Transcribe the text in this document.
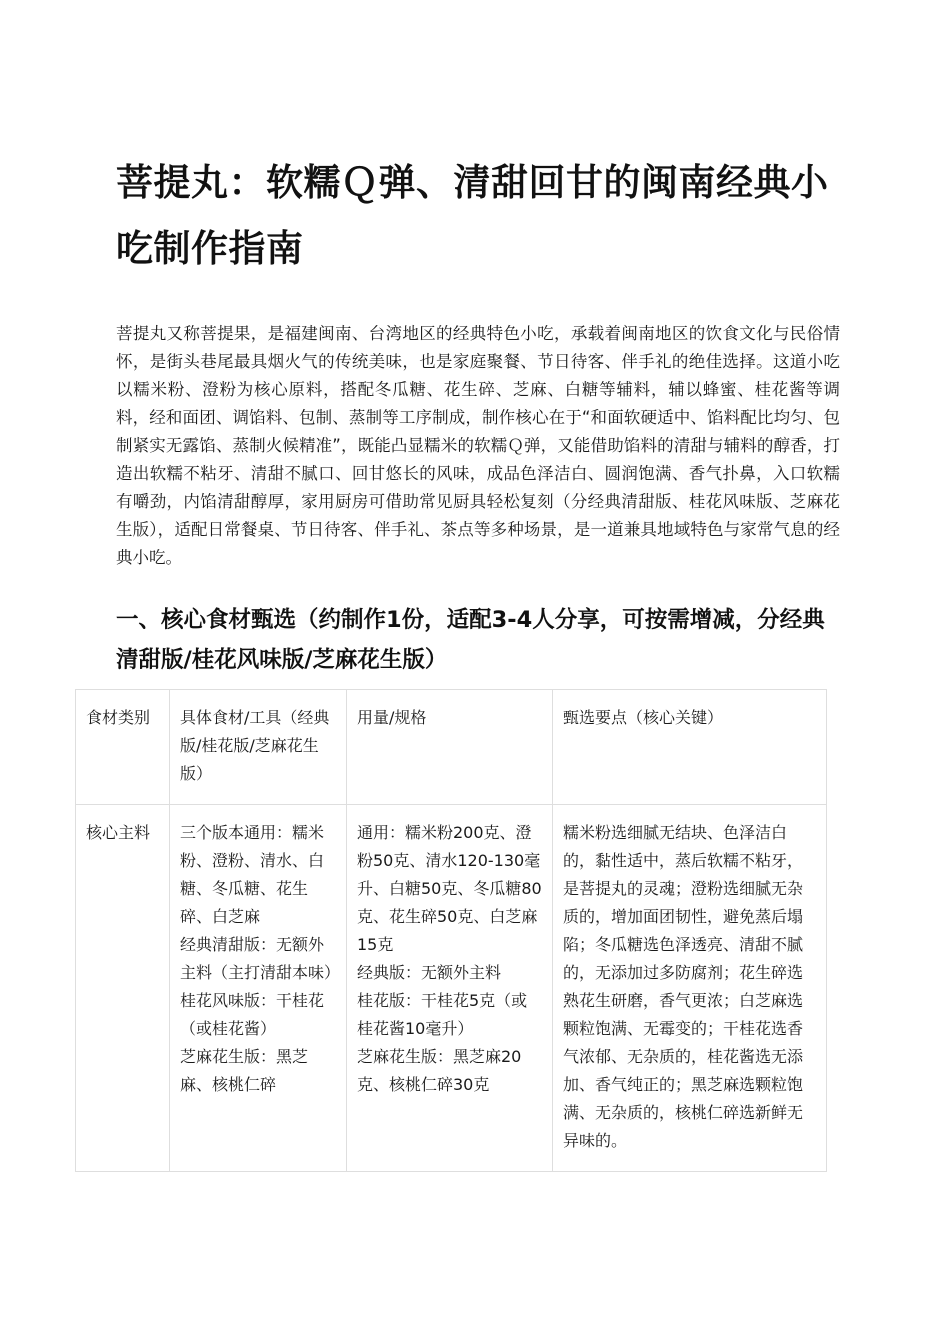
菩提丸：软糯Ｑ弹、清甜回甘的闽南经典小吃制作指南

菩提丸又称菩提果，是福建闽南、台湾地区的经典特色小吃，承载着闽南地区的饮食文化与民俗情怀，是街头巷尾最具烟火气的传统美味，也是家庭聚餐、节日待客、伴手礼的绝佳选择。这道小吃以糯米粉、澄粉为核心原料，搭配冬瓜糖、花生碎、芝麻、白糖等辅料，辅以蜂蜜、桂花酱等调料，经和面团、调馅料、包制、蒸制等工序制成，制作核心在于“和面软硬适中、馅料配比均匀、包制紧实无露馅、蒸制火候精准”，既能凸显糯米的软糯Ｑ弹，又能借助馅料的清甜与辅料的醇香，打造出软糯不粘牙、清甜不腻口、回甘悠长的风味，成品色泽洁白、圆润饱满、香气扑鼻，入口软糯有嚼劲，内馅清甜醇厚，家用厨房可借助常见厨具轻松复刻（分经典清甜版、桂花风味版、芝麻花生版），适配日常餐桌、节日待客、伴手礼、茶点等多种场景，是一道兼具地域特色与家常气息的经典小吃。

一、核心食材甄选（约制作1份，适配3-4人分享，可按需增减，分经典清甜版/桂花风味版/芝麻花生版）
食材类别	具体食材/工具（经典版/桂花版/芝麻花生版）	用量/规格	甄选要点（核心关键）
核心主料	三个版本通用：糯米粉、澄粉、清水、白糖、冬瓜糖、花生碎、白芝麻
经典清甜版：无额外主料（主打清甜本味）
桂花风味版：干桂花（或桂花酱）
芝麻花生版：黑芝麻、核桃仁碎	通用：糯米粉200克、澄粉50克、清水120-130毫升、白糖50克、冬瓜糖80克、花生碎50克、白芝麻15克
经典版：无额外主料
桂花版：干桂花5克（或桂花酱10毫升）
芝麻花生版：黑芝麻20克、核桃仁碎30克	糯米粉选细腻无结块、色泽洁白的，黏性适中，蒸后软糯不粘牙，是菩提丸的灵魂；澄粉选细腻无杂质的，增加面团韧性，避免蒸后塌陷；冬瓜糖选色泽透亮、清甜不腻的，无添加过多防腐剂；花生碎选熟花生研磨，香气更浓；白芝麻选颗粒饱满、无霉变的；干桂花选香气浓郁、无杂质的，桂花酱选无添加、香气纯正的；黑芝麻选颗粒饱满、无杂质的，核桃仁碎选新鲜无异味的。
